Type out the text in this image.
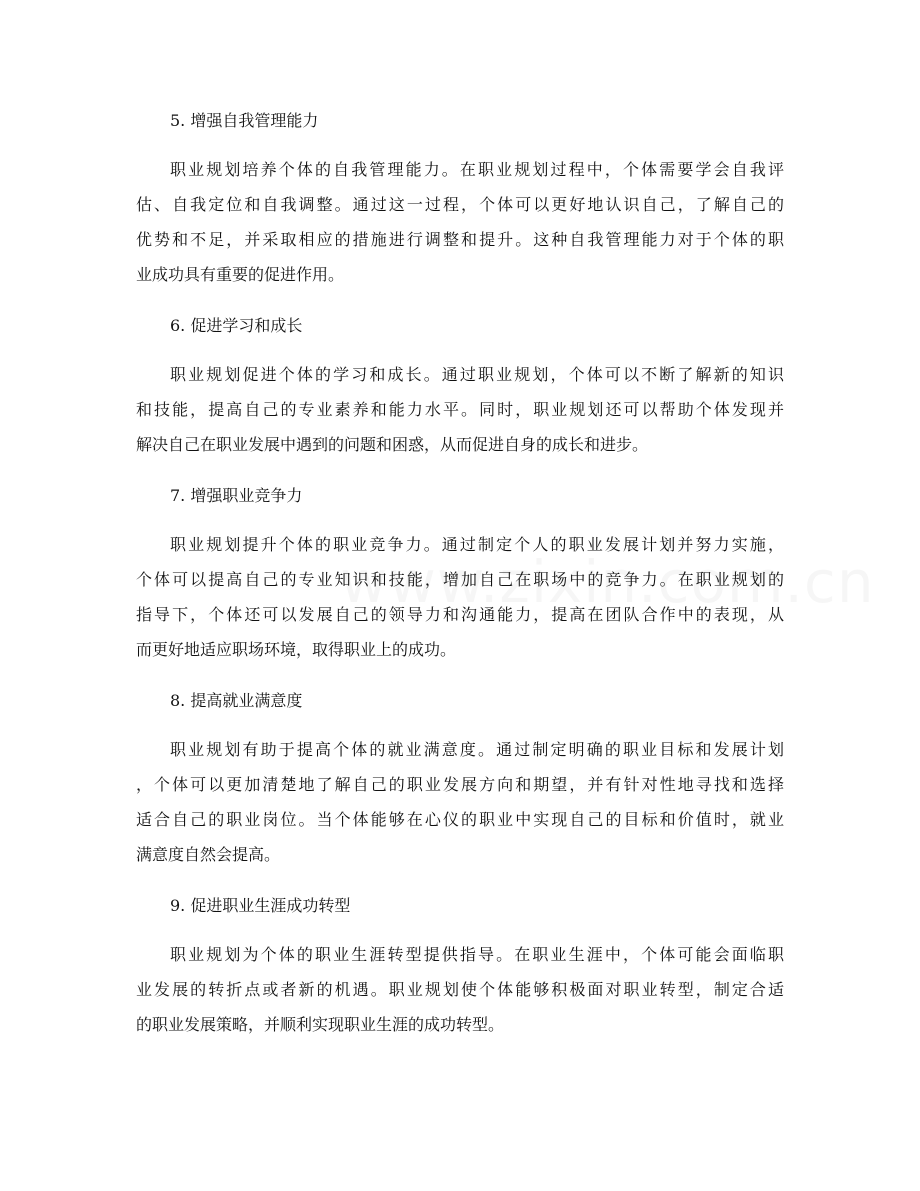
5. 增强自我管理能力
职业规划培养个体的自我管理能力。在职业规划过程中，个体需要学会自我评
估、自我定位和自我调整。通过这一过程，个体可以更好地认识自己，了解自己的
优势和不足，并采取相应的措施进行调整和提升。这种自我管理能力对于个体的职
业成功具有重要的促进作用。
6. 促进学习和成长
职业规划促进个体的学习和成长。通过职业规划，个体可以不断了解新的知识
和技能，提高自己的专业素养和能力水平。同时，职业规划还可以帮助个体发现并
解决自己在职业发展中遇到的问题和困惑，从而促进自身的成长和进步。
7. 增强职业竞争力
职业规划提升个体的职业竞争力。通过制定个人的职业发展计划并努力实施，
个体可以提高自己的专业知识和技能，增加自己在职场中的竞争力。在职业规划的
指导下，个体还可以发展自己的领导力和沟通能力，提高在团队合作中的表现，从
而更好地适应职场环境，取得职业上的成功。
8. 提高就业满意度
职业规划有助于提高个体的就业满意度。通过制定明确的职业目标和发展计划
，个体可以更加清楚地了解自己的职业发展方向和期望，并有针对性地寻找和选择
适合自己的职业岗位。当个体能够在心仪的职业中实现自己的目标和价值时，就业
满意度自然会提高。
9. 促进职业生涯成功转型
职业规划为个体的职业生涯转型提供指导。在职业生涯中，个体可能会面临职
业发展的转折点或者新的机遇。职业规划使个体能够积极面对职业转型，制定合适
的职业发展策略，并顺利实现职业生涯的成功转型。
